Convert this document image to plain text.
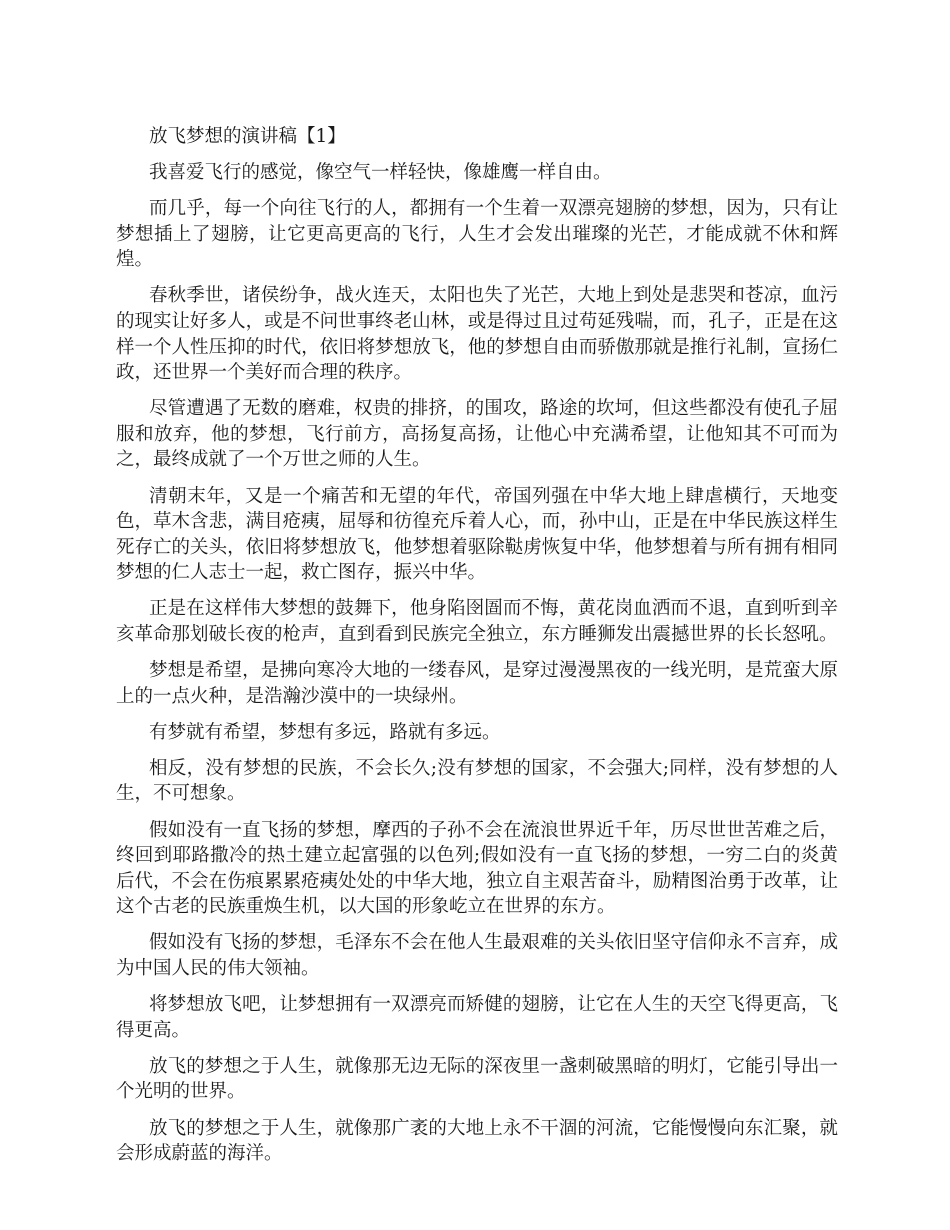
放飞梦想的演讲稿【1】

我喜爱飞行的感觉，像空气一样轻快，像雄鹰一样自由。

而几乎，每一个向往飞行的人，都拥有一个生着一双漂亮翅膀的梦想，因为，只有让梦想插上了翅膀，让它更高更高的飞行，人生才会发出璀璨的光芒，才能成就不休和辉煌。

春秋季世，诸侯纷争，战火连天，太阳也失了光芒，大地上到处是悲哭和苍凉，血污的现实让好多人，或是不问世事终老山林，或是得过且过苟延残喘，而，孔子，正是在这样一个人性压抑的时代，依旧将梦想放飞，他的梦想自由而骄傲那就是推行礼制，宣扬仁政，还世界一个美好而合理的秩序。

尽管遭遇了无数的磨难，权贵的排挤，的围攻，路途的坎坷，但这些都没有使孔子屈服和放弃，他的梦想，飞行前方，高扬复高扬，让他心中充满希望，让他知其不可而为之，最终成就了一个万世之师的人生。

清朝末年，又是一个痛苦和无望的年代，帝国列强在中华大地上肆虐横行，天地变色，草木含悲，满目疮痍，屈辱和彷徨充斥着人心，而，孙中山，正是在中华民族这样生死存亡的关头，依旧将梦想放飞，他梦想着驱除鞑虏恢复中华，他梦想着与所有拥有相同梦想的仁人志士一起，救亡图存，振兴中华。

正是在这样伟大梦想的鼓舞下，他身陷囹圄而不悔，黄花岗血洒而不退，直到听到辛亥革命那划破长夜的枪声，直到看到民族完全独立，东方睡狮发出震撼世界的长长怒吼。

梦想是希望，是拂向寒冷大地的一缕春风，是穿过漫漫黑夜的一线光明，是荒蛮大原上的一点火种，是浩瀚沙漠中的一块绿州。

有梦就有希望，梦想有多远，路就有多远。

相反，没有梦想的民族，不会长久;没有梦想的国家，不会强大;同样，没有梦想的人生，不可想象。

假如没有一直飞扬的梦想，摩西的子孙不会在流浪世界近千年，历尽世世苦难之后，终回到耶路撒冷的热土建立起富强的以色列;假如没有一直飞扬的梦想，一穷二白的炎黄后代，不会在伤痕累累疮痍处处的中华大地，独立自主艰苦奋斗，励精图治勇于改革，让这个古老的民族重焕生机，以大国的形象屹立在世界的东方。

假如没有飞扬的梦想，毛泽东不会在他人生最艰难的关头依旧坚守信仰永不言弃，成为中国人民的伟大领袖。

将梦想放飞吧，让梦想拥有一双漂亮而矫健的翅膀，让它在人生的天空飞得更高，飞得更高。

放飞的梦想之于人生，就像那无边无际的深夜里一盏刺破黑暗的明灯，它能引导出一个光明的世界。

放飞的梦想之于人生，就像那广袤的大地上永不干涸的河流，它能慢慢向东汇聚，就会形成蔚蓝的海洋。
